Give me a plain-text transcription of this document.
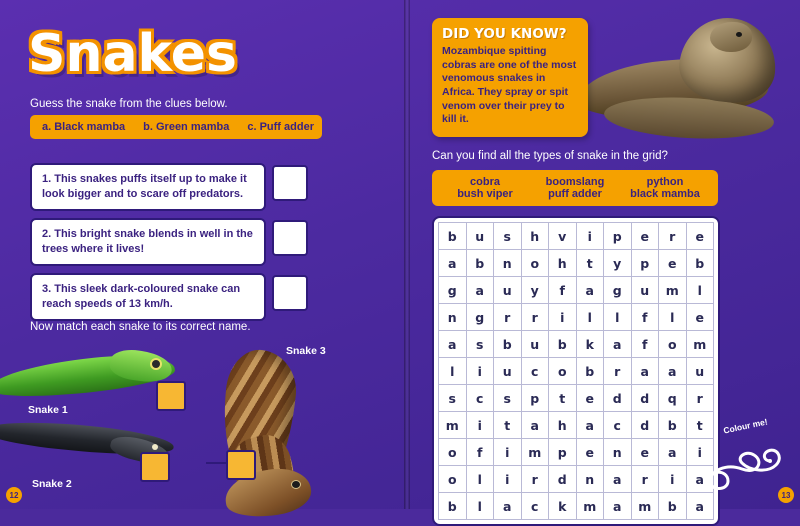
Snakes
Guess the snake from the clues below.
a. Black mamba b. Green mamba c. Puff adder
1. This snakes puffs itself up to make it look bigger and to scare off predators.
2. This bright snake blends in well in the trees where it lives!
3. This sleek dark-coloured snake can reach speeds of 13 km/h.
Now match each snake to its correct name.
Snake 1
Snake 2
Snake 3
12
DID YOU KNOW?
Mozambique spitting cobras are one of the most venomous snakes in Africa. They spray or spit venom over their prey to kill it.
Can you find all the types of snake in the grid?
cobra	boomslang	python
bush viper	puff adder	black mamba
b	u	s	h	v	i	p	e	r	e
a	b	n	o	h	t	y	p	e	b
g	a	u	y	f	a	g	u	m	l
n	g	r	r	i	l	l	f	l	e
a	s	b	u	b	k	a	f	o	m
l	i	u	c	o	b	r	a	a	u
s	c	s	p	t	e	d	d	q	r
m	i	t	a	h	a	c	d	b	t
o	f	i	m	p	e	n	e	a	i
o	l	i	r	d	n	a	r	i	a
b	l	a	c	k	m	a	m	b	a
Colour me!
13
